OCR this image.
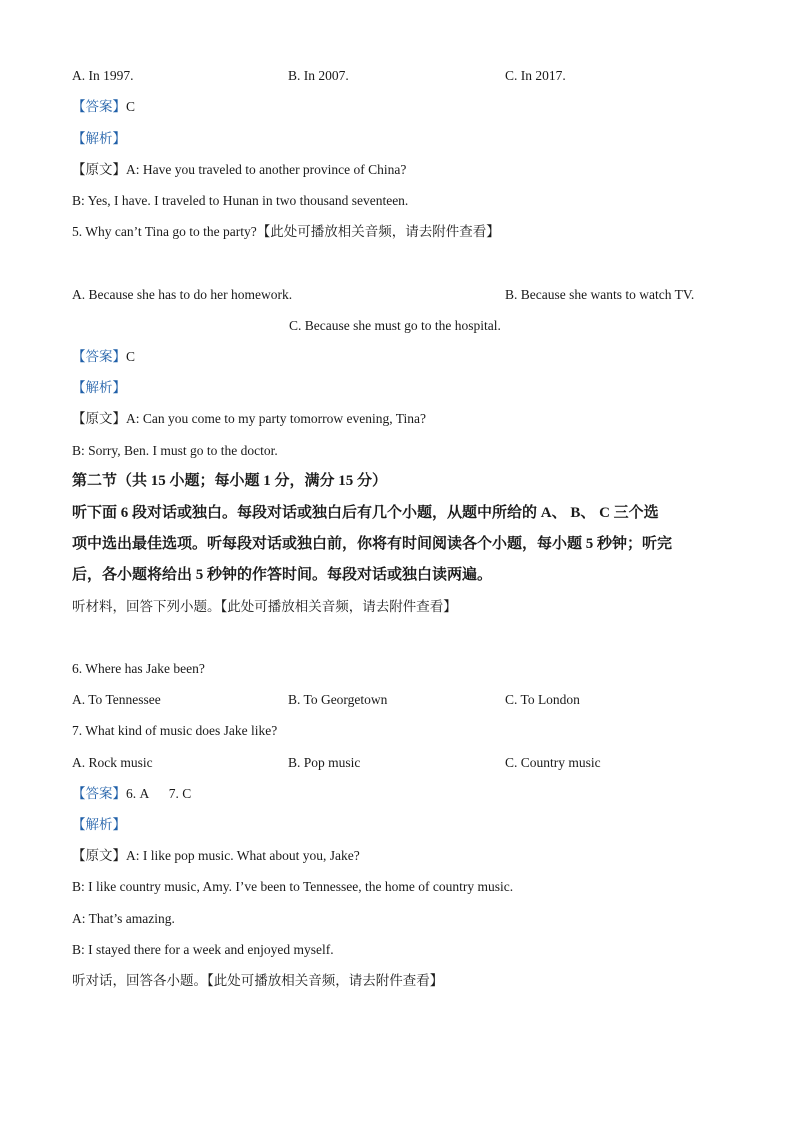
A. In 1997.	B. In 2007.	C. In 2017.
【答案】C
【解析】
【原文】A: Have you traveled to another province of China?
B: Yes, I have. I traveled to Hunan in two thousand seventeen.
5. Why can’t Tina go to the party?【此处可播放相关音频，请去附件查看】
A. Because she has to do her homework.	B. Because she wants to watch TV.
C. Because she must go to the hospital.
【答案】C
【解析】
【原文】A: Can you come to my party tomorrow evening, Tina?
B: Sorry, Ben. I must go to the doctor.
第二节（共 15 小题；每小题 1 分，满分 15 分）
听下面 6 段对话或独白。每段对话或独白后有几个小题，从题中所给的 A、 B、 C 三个选
项中选出最佳选项。听每段对话或独白前，你将有时间阅读各个小题，每小题 5 秒钟；听完
后，各小题将给出 5 秒钟的作答时间。每段对话或独白读两遍。
听材料，回答下列小题。【此处可播放相关音频，请去附件查看】
6. Where has Jake been?
A. To Tennessee	B. To Georgetown	C. To London
7. What kind of music does Jake like?
A. Rock music	B. Pop music	C. Country music
【答案】6. A      7. C
【解析】
【原文】A: I like pop music. What about you, Jake?
B: I like country music, Amy. I’ve been to Tennessee, the home of country music.
A: That’s amazing.
B: I stayed there for a week and enjoyed myself.
听对话，回答各小题。【此处可播放相关音频，请去附件查看】
